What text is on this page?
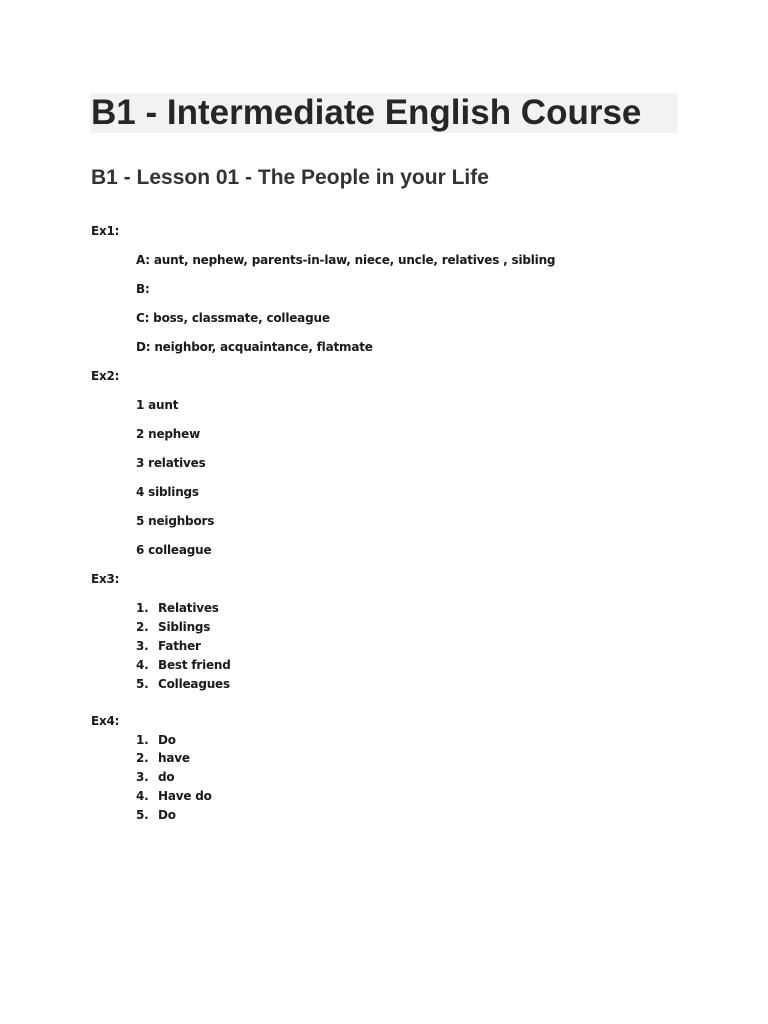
B1 - Intermediate English Course
B1 - Lesson 01 - The People in your Life
Ex1:
A: aunt, nephew, parents-in-law, niece, uncle, relatives , sibling
B:
C: boss, classmate, colleague
D: neighbor, acquaintance, flatmate
Ex2:
1 aunt
2 nephew
3 relatives
4 siblings
5 neighbors
6 colleague
Ex3:
1. Relatives
2. Siblings
3. Father
4. Best friend
5. Colleagues
Ex4:
1. Do
2. have
3. do
4. Have do
5. Do
